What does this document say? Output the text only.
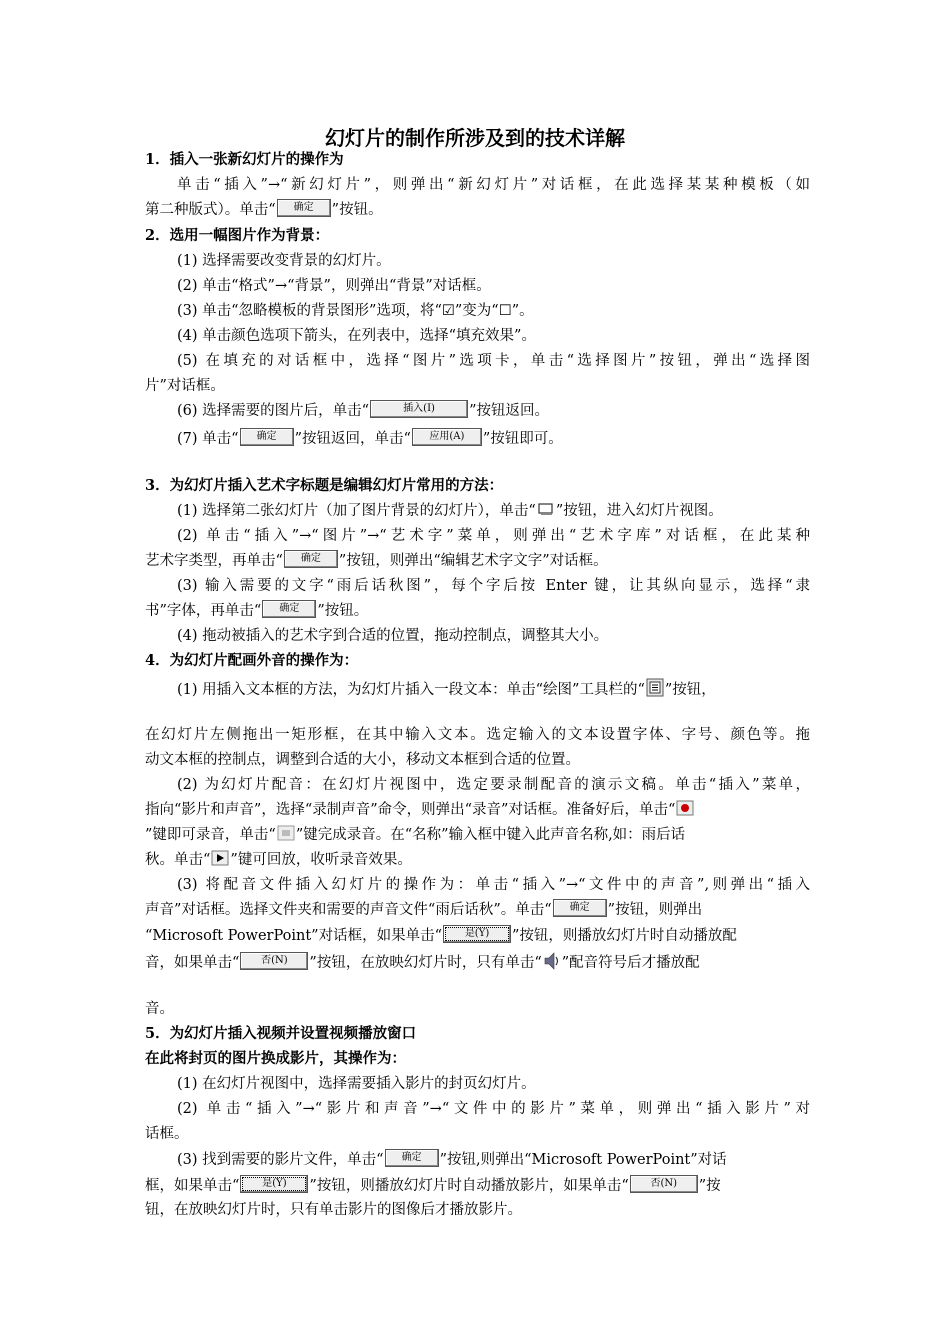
幻灯片的制作所涉及到的技术详解
1．插入一张新幻灯片的操作为
单击“插入”→“新幻灯片”，则弹出“新幻灯片”对话框，在此选择某某种模板（如
第二种版式）。单击“ 确定 ”按钮。
2．选用一幅图片作为背景：
(1) 选择需要改变背景的幻灯片。
(2) 单击“格式”→“背景”，则弹出“背景”对话框。
(3) 单击“忽略模板的背景图形”选项，将“☑”变为“☐”。
(4) 单击颜色选项下箭头，在列表中，选择“填充效果”。
(5) 在填充的对话框中，选择“图片”选项卡，单击“选择图片”按钮，弹出“选择图
片”对话框。
(6) 选择需要的图片后，单击“	插入(I) ”按钮返回。
(7) 单击“ 确定 ”按钮返回，单击“ 应用(A) ”按钮即可。
3．为幻灯片插入艺术字标题是编辑幻灯片常用的方法：
(1) 选择第二张幻灯片（加了图片背景的幻灯片），单击“ ”按钮，进入幻灯片视图。
(2) 单击“插入”→“图片”→“艺术字”菜单，则弹出“艺术字库”对话框，在此某种
艺术字类型，再单击“ 确定 ”按钮，则弹出“编辑艺术字文字”对话框。
(3) 输入需要的文字“雨后话秋图”，每个字后按 Enter 键，让其纵向显示，选择“隶
书”字体，再单击“ 确定 ”按钮。
(4) 拖动被插入的艺术字到合适的位置，拖动控制点，调整其大小。
4．为幻灯片配画外音的操作为：
(1) 用插入文本框的方法，为幻灯片插入一段文本：单击“绘图”工具栏的“ ”按钮，
在幻灯片左侧拖出一矩形框，在其中输入文本。选定输入的文本设置字体、字号、颜色等。拖
动文本框的控制点，调整到合适的大小，移动文本框到合适的位置。
(2) 为幻灯片配音：在幻灯片视图中，选定要录制配音的演示文稿。单击“插入”菜单，
指向“影片和声音”，选择“录制声音”命令，则弹出“录音”对话框。准备好后，单击“
”键即可录音，单击“ ”键完成录音。在“名称”输入框中键入此声音名称,如：雨后话
秋。单击“ ”键可回放，收听录音效果。
(3) 将配音文件插入幻灯片的操作为：单击“插入”→“文件中的声音”,则弹出“插入
声音”对话框。选择文件夹和需要的声音文件“雨后话秋”。单击“ 确定 ”按钮，则弹出
“Microsoft PowerPoint”对话框，如果单击“ 是(Y) ”按钮，则播放幻灯片时自动播放配
音，如果单击“ 否(N) ”按钮，在放映幻灯片时，只有单击“ ”配音符号后才播放配
音。
5．为幻灯片插入视频并设置视频播放窗口
在此将封页的图片换成影片，其操作为：
(1) 在幻灯片视图中，选择需要插入影片的封页幻灯片。
(2) 单击“插入”→“影片和声音”→“文件中的影片”菜单，则弹出“插入影片”对
话框。
(3) 找到需要的影片文件，单击“ 确定 ”按钮,则弹出“Microsoft PowerPoint”对话
框，如果单击“ 是(Y) ”按钮，则播放幻灯片时自动播放影片，如果单击“ 否(N) ”按
钮，在放映幻灯片时，只有单击影片的图像后才播放影片。
